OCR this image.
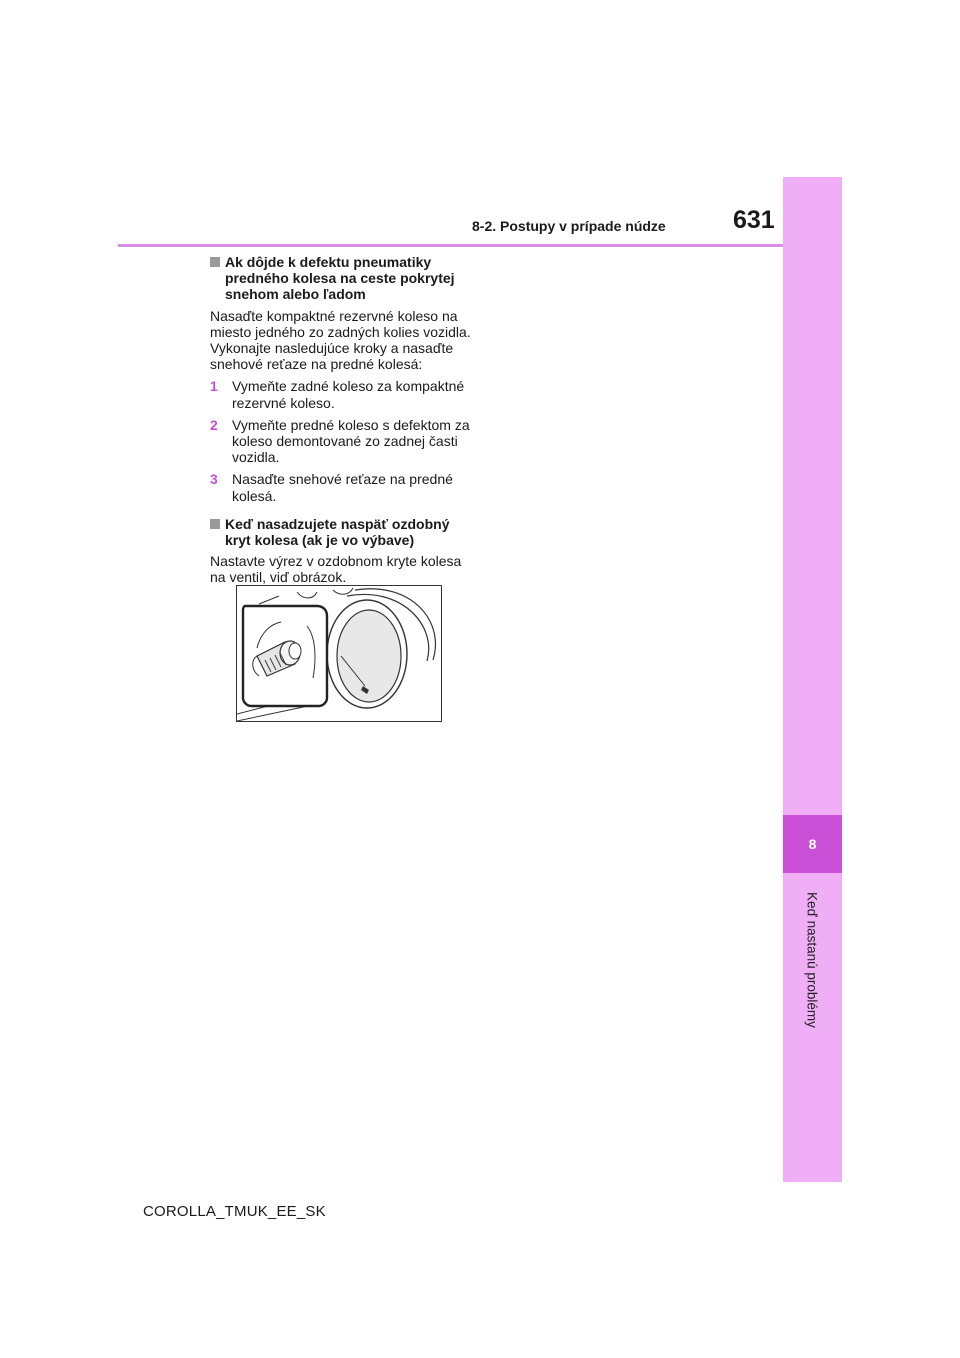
8
Keď nastanú problémy
8-2. Postupy v prípade núdze	631
Ak dôjde k defektu pneumatiky predného kolesa na ceste pokrytej snehom alebo ľadom
Nasaďte kompaktné rezervné koleso na miesto jedného zo zadných kolies vozidla. Vykonajte nasledujúce kroky a nasaďte snehové reťaze na predné kolesá:
1 Vymeňte zadné koleso za kompaktné rezervné koleso.
2 Vymeňte predné koleso s defektom za koleso demontované zo zadnej časti vozidla.
3 Nasaďte snehové reťaze na predné kolesá.
Keď nasadzujete naspäť ozdobný kryt kolesa (ak je vo výbave)
Nastavte výrez v ozdobnom kryte kolesa na ventil, viď obrázok.
COROLLA_TMUK_EE_SK
